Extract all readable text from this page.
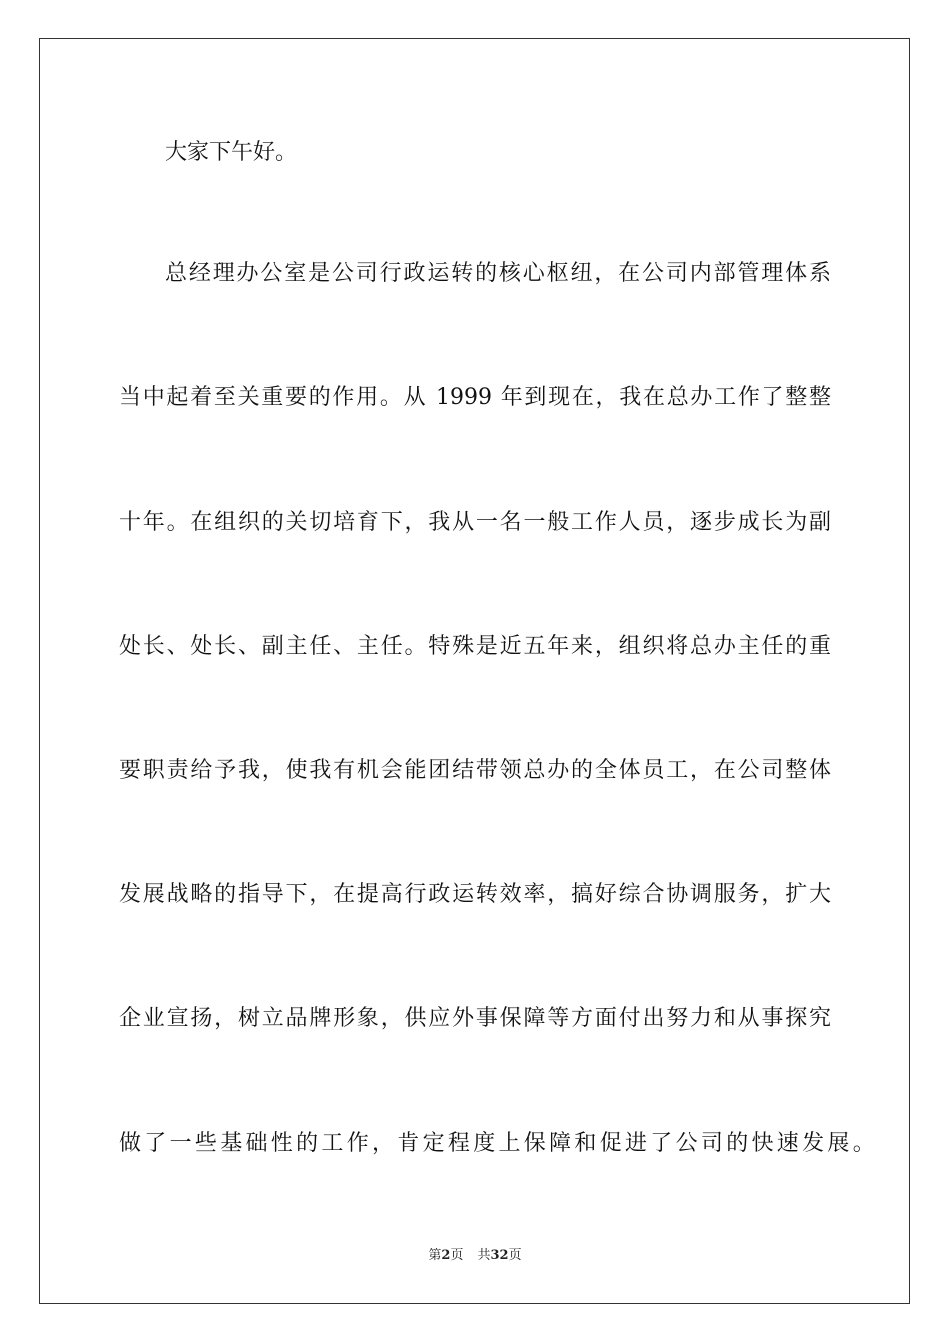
大家下午好。
总经理办公室是公司行政运转的核心枢纽，在公司内部管理体系
当中起着至关重要的作用。从 1999 年到现在，我在总办工作了整整
十年。在组织的关切培育下，我从一名一般工作人员，逐步成长为副
处长、处长、副主任、主任。特殊是近五年来，组织将总办主任的重
要职责给予我，使我有机会能团结带领总办的全体员工，在公司整体
发展战略的指导下，在提高行政运转效率，搞好综合协调服务，扩大
企业宣扬，树立品牌形象，供应外事保障等方面付出努力和从事探究
做了一些基础性的工作，肯定程度上保障和促进了公司的快速发展。
第2页 共32页
